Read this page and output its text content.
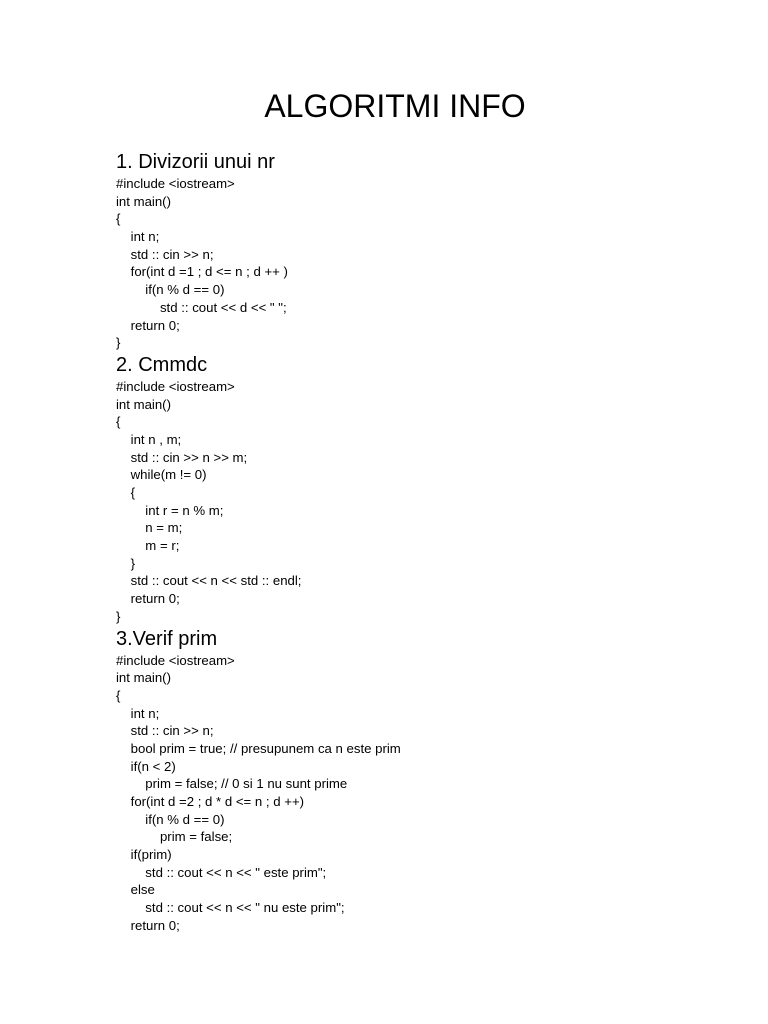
ALGORITMI INFO
1. Divizorii unui nr
#include <iostream>
int main()
{
int n;
std :: cin >> n;
for(int d =1 ; d <= n ; d ++ )
if(n % d == 0)
std :: cout << d << " ";
return 0;
}
2. Cmmdc
#include <iostream>
int main()
{
int n , m;
std :: cin >> n >> m;
while(m != 0)
{
int r = n % m;
n = m;
m = r;
}
std :: cout << n << std :: endl;
return 0;
}
3.Verif prim
#include <iostream>
int main()
{
int n;
std :: cin >> n;
bool prim = true; // presupunem ca n este prim
if(n < 2)
prim = false; // 0 si 1 nu sunt prime
for(int d =2 ; d * d <= n ; d ++)
if(n % d == 0)
prim = false;
if(prim)
std :: cout << n << " este prim";
else
std :: cout << n << " nu este prim";
return 0;
